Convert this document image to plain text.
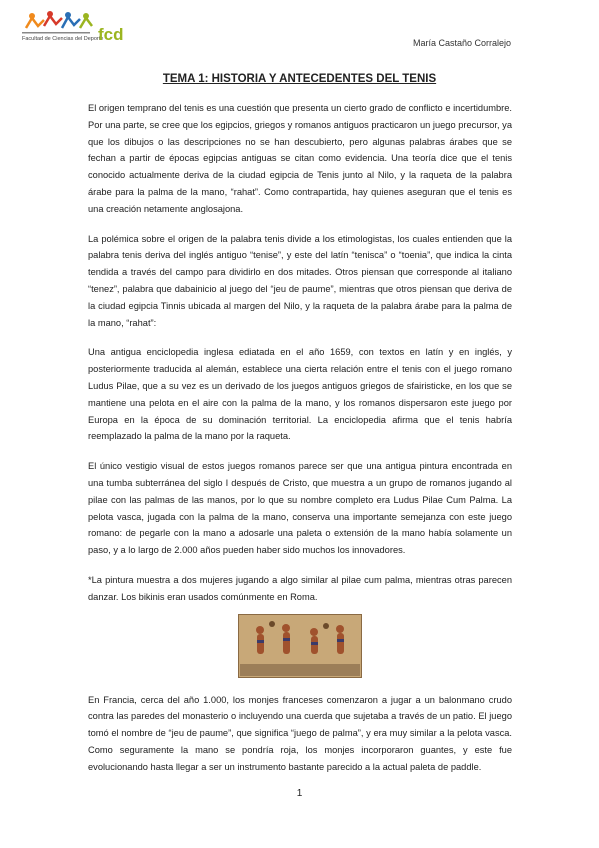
Facultad de Ciencias del Deporte
fcd	María Castaño Corralejo
TEMA 1: HISTORIA Y ANTECEDENTES DEL TENIS

El origen temprano del tenis es una cuestión que presenta un cierto grado de conflicto e incertidumbre. Por una parte, se cree que los egipcios, griegos y romanos antiguos practicaron un juego precursor, ya que los dibujos o las descripciones no se han descubierto, pero algunas palabras árabes que se fechan a partir de épocas egipcias antiguas se citan como evidencia. Una teoría dice que el tenis conocido actualmente deriva de la ciudad egipcia de Tenis junto al Nilo, y la raqueta de la palabra árabe para la palma de la mano, “rahat”. Como contrapartida, hay quienes aseguran que el tenis es una creación netamente anglosajona.

La polémica sobre el origen de la palabra tenis divide a los etimologistas, los cuales entienden que la palabra tenis deriva del inglés antiguo “tenise”, y este del latín “tenisca” o “toenia”, que indica la cinta tendida a través del campo para dividirlo en dos mitades. Otros piensan que corresponde al italiano “tenez”, palabra que dabainicio al juego del “jeu de paume”, mientras que otros piensan que deriva de la ciudad egipcia Tinnis ubicada al margen del Nilo, y la raqueta de la palabra árabe para la palma de la mano, “rahat”:

Una antigua enciclopedia inglesa ediatada en el año 1659, con textos en latín y en inglés, y posteriormente traducida al alemán, establece una cierta relación entre el tenis con el juego romano Ludus Pilae, que a su vez es un derivado de los juegos antiguos griegos de sfairisticke, en los que se mantiene una pelota en el aire con la palma de la mano, y los romanos dispersaron este juego por Europa en la época de su dominación territorial. La enciclopedia afirma que el tenis habría reemplazado la palma de la mano por la raqueta.

El único vestigio visual de estos juegos romanos parece ser que una antigua pintura encontrada en una tumba subterránea del siglo I después de Cristo, que muestra a un grupo de romanos jugando al pilae con las palmas de las manos, por lo que su nombre completo era Ludus Pilae Cum Palma. La pelota vasca, jugada con la palma de la mano, conserva una importante semejanza con este juego romano: de pegarle con la mano a adosarle una paleta o extensión de la mano había solamente un paso, y a lo largo de 2.000 años pueden haber sido muchos los innovadores.

*La pintura muestra a dos mujeres jugando a algo similar al pilae cum palma, mientras otras parecen danzar. Los bikinis eran usados comúnmente en Roma.

En Francia, cerca del año 1.000, los monjes franceses comenzaron a jugar a un balonmano crudo contra las paredes del monasterio o incluyendo una cuerda que sujetaba a través de un patio. El juego tomó el nombre de “jeu de paume”, que significa “juego de palma”, y era muy similar a la pelota vasca. Como seguramente la mano se pondría roja, los monjes incorporaron guantes, y este fue evolucionando hasta llegar a ser un instrumento bastante parecido a la actual paleta de paddle.

1
